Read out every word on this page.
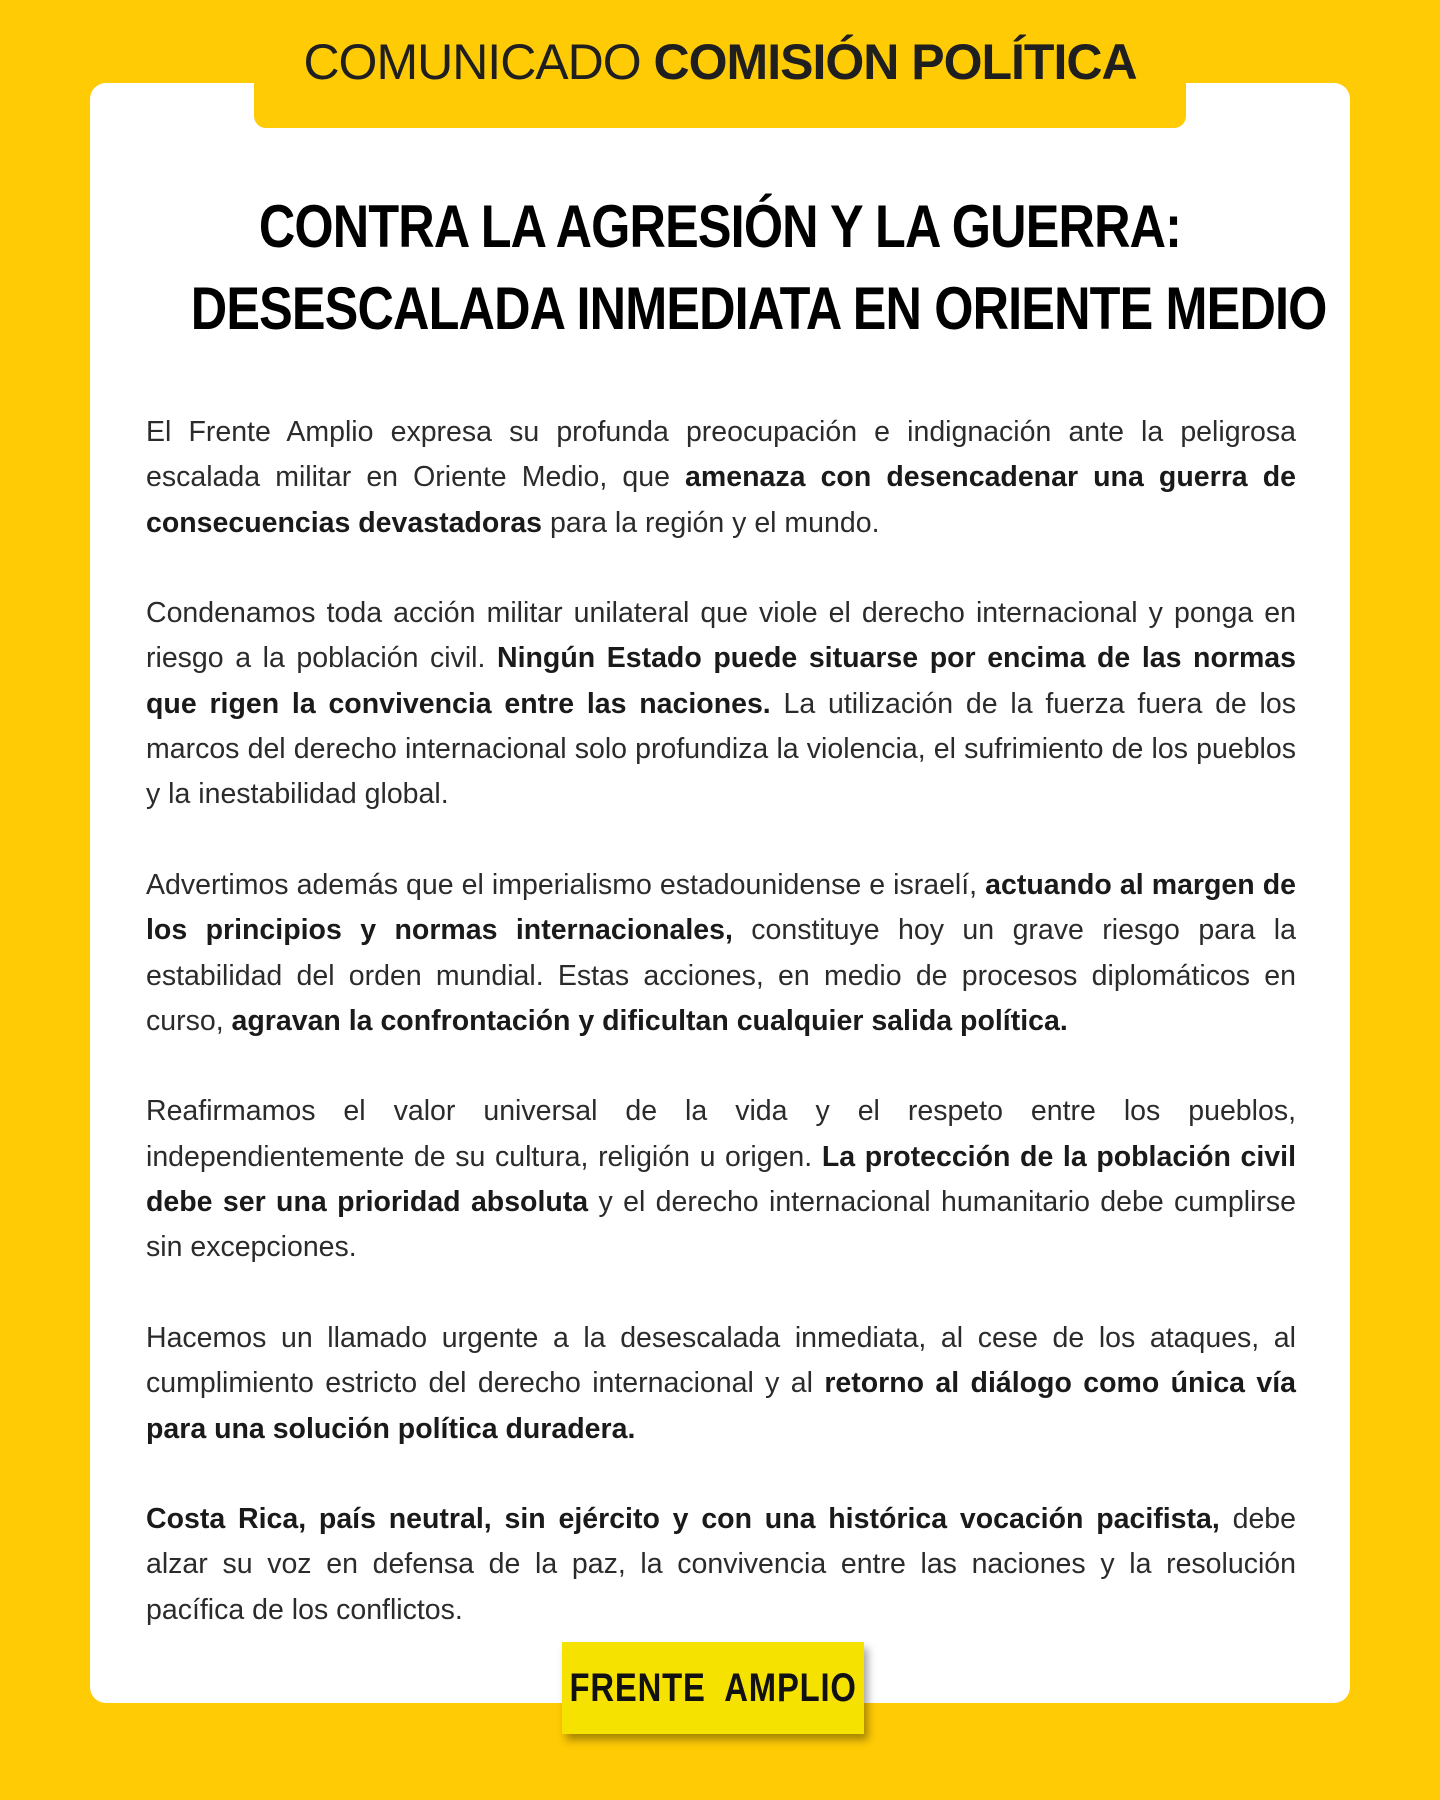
COMUNICADO COMISIÓN POLÍTICA
CONTRA LA AGRESIÓN Y LA GUERRA:
DESESCALADA INMEDIATA EN ORIENTE MEDIO

El Frente Amplio expresa su profunda preocupación e indignación ante la peligrosa escalada militar en Oriente Medio, que amenaza con desencadenar una guerra de consecuencias devastadoras para la región y el mundo.

Condenamos toda acción militar unilateral que viole el derecho internacional y ponga en riesgo a la población civil. Ningún Estado puede situarse por encima de las normas que rigen la convivencia entre las naciones. La utilización de la fuerza fuera de los marcos del derecho internacional solo profundiza la violencia, el sufrimiento de los pueblos y la inestabilidad global.

Advertimos además que el imperialismo estadounidense e israelí, actuando al margen de los principios y normas internacionales, constituye hoy un grave riesgo para la estabilidad del orden mundial. Estas acciones, en medio de procesos diplomáticos en curso, agravan la confrontación y dificultan cualquier salida política.

Reafirmamos el valor universal de la vida y el respeto entre los pueblos, independientemente de su cultura, religión u origen. La protección de la población civil debe ser una prioridad absoluta y el derecho internacional humanitario debe cumplirse sin excepciones.

Hacemos un llamado urgente a la desescalada inmediata, al cese de los ataques, al cumplimiento estricto del derecho internacional y al retorno al diálogo como única vía para una solución política duradera.

Costa Rica, país neutral, sin ejército y con una histórica vocación pacifista, debe alzar su voz en defensa de la paz, la convivencia entre las naciones y la resolución pacífica de los conflictos.

FRENTE  AMPLIO
